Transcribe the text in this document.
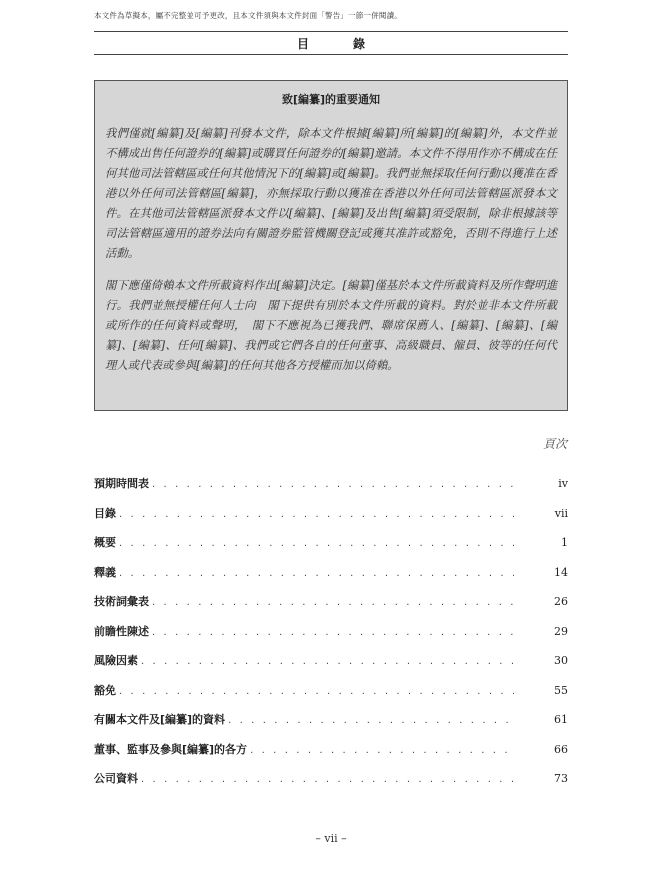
本文件為草擬本，屬不完整並可予更改，且本文件須與本文件封面「警告」一節一併閱讀。
目　錄
致[編纂]的重要通知

我們僅就[編纂]及[編纂]刊發本文件，除本文件根據[編纂]所[編纂]的[編纂]外，本文件並不構成出售任何證券的[編纂]或購買任何證券的[編纂]邀請。本文件不得用作亦不構成在任何其他司法管轄區或任何其他情況下的[編纂]或[編纂]。我們並無採取任何行動以獲准在香港以外任何司法管轄區[編纂]，亦無採取行動以獲准在香港以外任何司法管轄區派發本文件。在其他司法管轄區派發本文件以[編纂]、[編纂]及出售[編纂]須受限制，除非根據該等司法管轄區適用的證券法向有關證券監管機關登記或獲其准許或豁免，否則不得進行上述活動。

閣下應僅倚賴本文件所載資料作出[編纂]決定。[編纂]僅基於本文件所載資料及所作聲明進行。我們並無授權任何人士向　閣下提供有別於本文件所載的資料。對於並非本文件所載或所作的任何資料或聲明，　閣下不應視為已獲我們、聯席保薦人、[編纂]、[編纂]、[編纂]、[編纂]、任何[編纂]、我們或它們各自的任何董事、高級職員、僱員、彼等的任何代理人或代表或參與[編纂]的任何其他各方授權而加以倚賴。

頁次
預期時間表 . . .	iv
目錄 . . .	vii
概要 . . .	1
釋義 . . .	14
技術詞彙表 . . .	26
前瞻性陳述 . . .	29
風險因素 . . .	30
豁免 . . .	55
有關本文件及[編纂]的資料 . . .	61
董事、監事及參與[編纂]的各方 . . .	66
公司資料 . . .	73
– vii –
